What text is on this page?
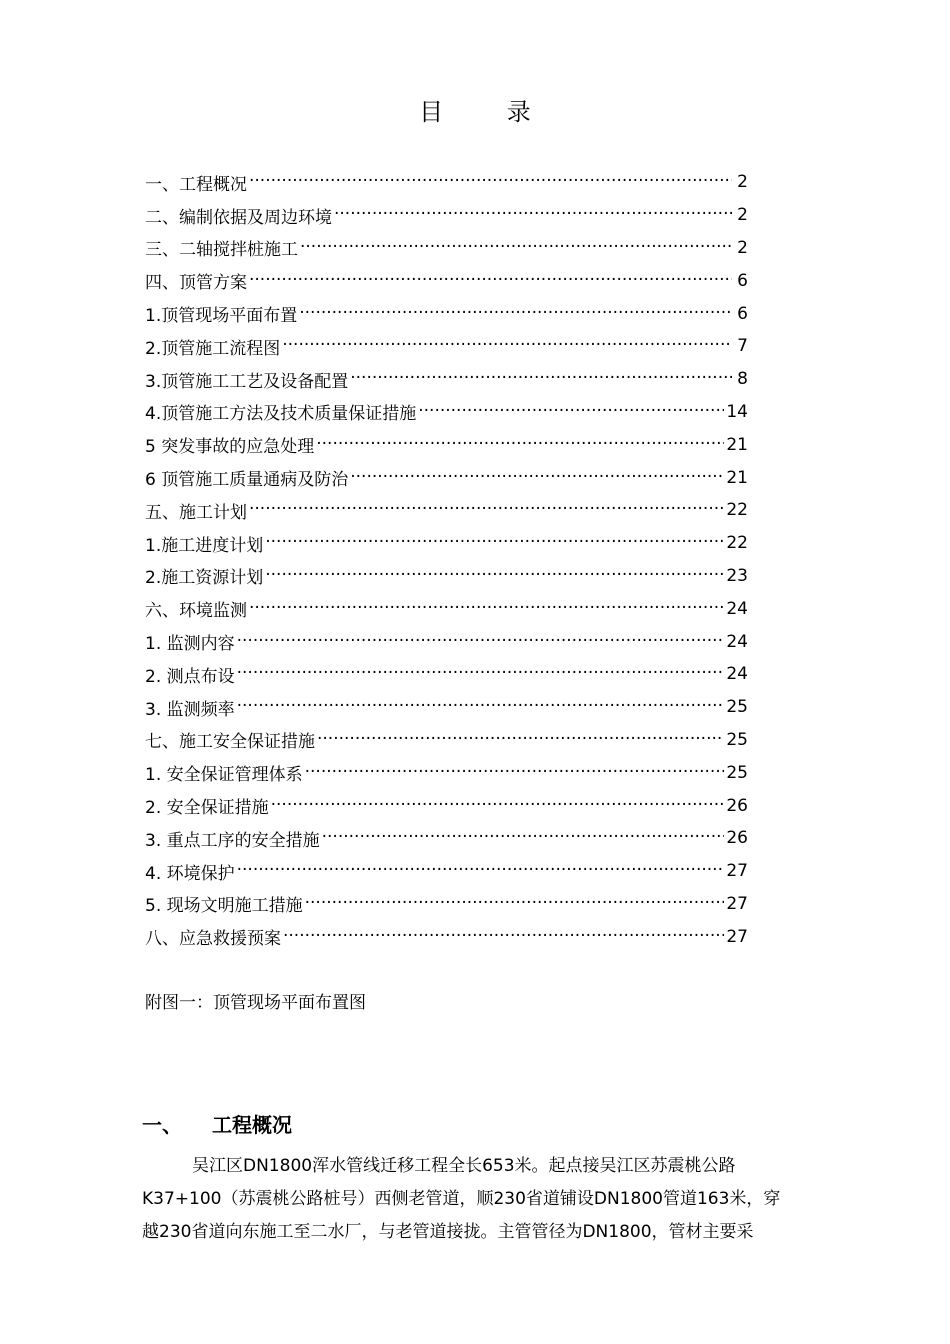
目 录
一、工程概况 ·····	2
二、编制依据及周边环境 ·····	2
三、二轴搅拌桩施工 ·····	2
四、顶管方案 ·····	6
1.顶管现场平面布置 ·····	6
2.顶管施工流程图 ·····	7
3.顶管施工工艺及设备配置 ·····	8
4.顶管施工方法及技术质量保证措施 ·····	14
5 突发事故的应急处理 ·····	21
6 顶管施工质量通病及防治 ·····	21
五、施工计划 ·····	22
1.施工进度计划 ·····	22
2.施工资源计划 ·····	23
六、环境监测 ·····	24
1. 监测内容 ·····	24
2. 测点布设 ·····	24
3. 监测频率 ·····	25
七、施工安全保证措施 ·····	25
1. 安全保证管理体系 ·····	25
2. 安全保证措施 ·····	26
3. 重点工序的安全措施 ·····	26
4. 环境保护 ·····	27
5. 现场文明施工措施 ·····	27
八、应急救援预案 ·····	27
附图一：顶管现场平面布置图
一、 工程概况

吴江区DN1800浑水管线迁移工程全长653米。起点接吴江区苏震桃公路

K37+100（苏震桃公路桩号）西侧老管道，顺230省道铺设DN1800管道163米，穿

越230省道向东施工至二水厂，与老管道接拢。主管管径为DN1800，管材主要采
